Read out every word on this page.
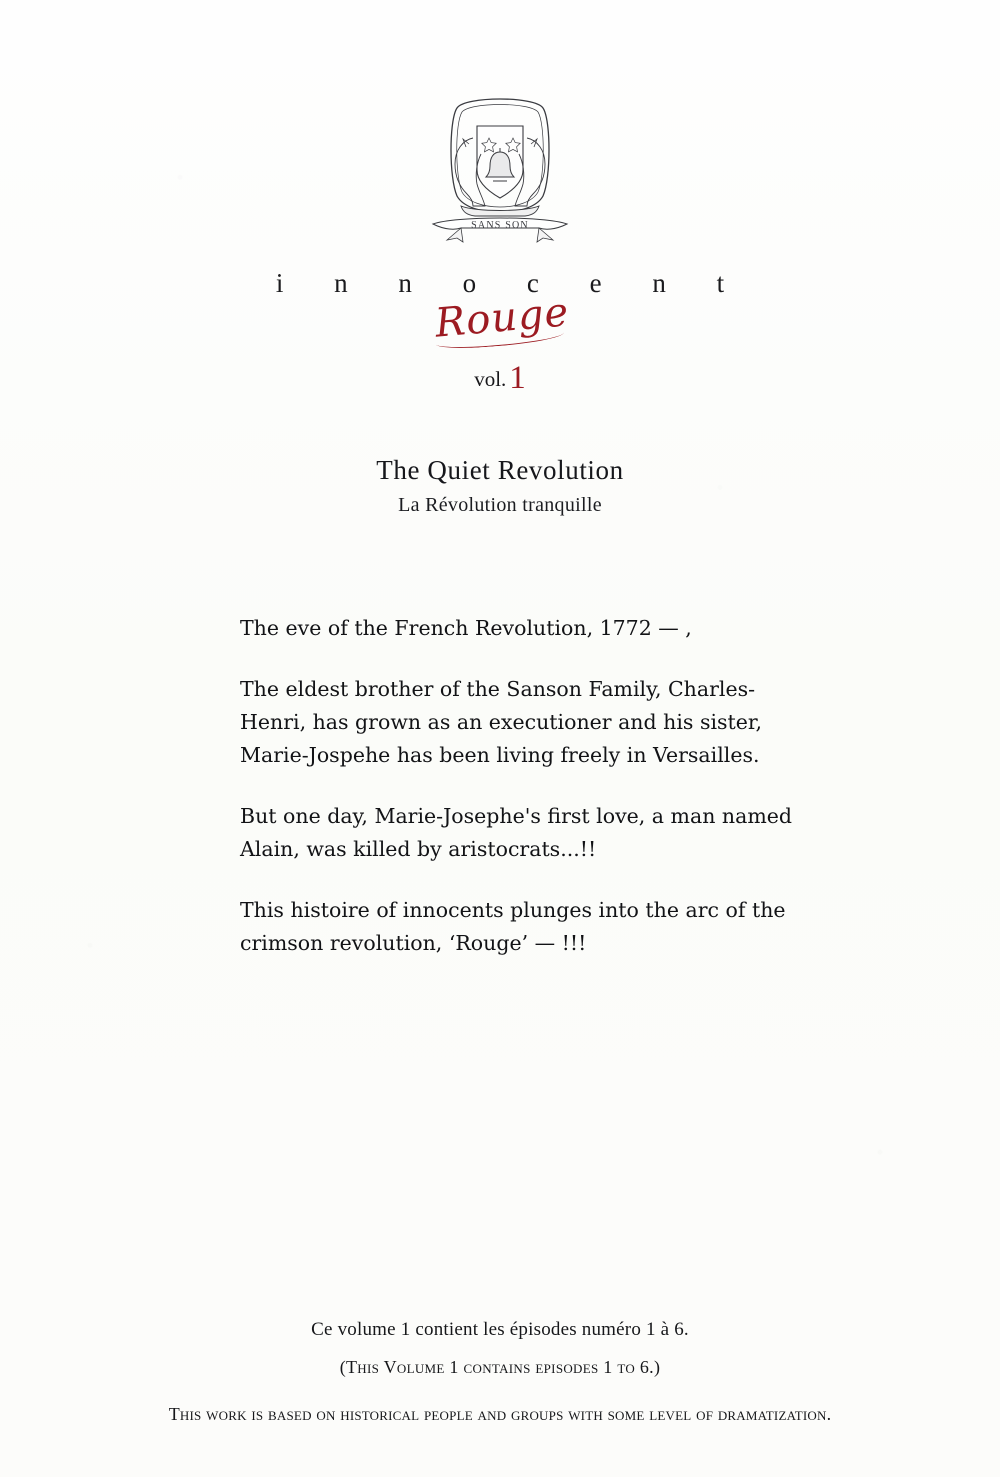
SANS SON
i n n o c e n t
Rouge
vol.1
The Quiet Revolution
La Révolution tranquille

The eve of the French Revolution, 1772 — ,

The eldest brother of the Sanson Family, Charles-Henri, has grown as an executioner and his sister, Marie-Jospehe has been living freely in Versailles.

But one day, Marie-Josephe's first love, a man named Alain, was killed by aristocrats...!!

This histoire of innocents plunges into the arc of the crimson revolution, ‘Rouge’ — !!!

Ce volume 1 contient les épisodes numéro 1 à 6.
(This Volume 1 contains episodes 1 to 6.)
This work is based on historical people and groups with some level of dramatization.
